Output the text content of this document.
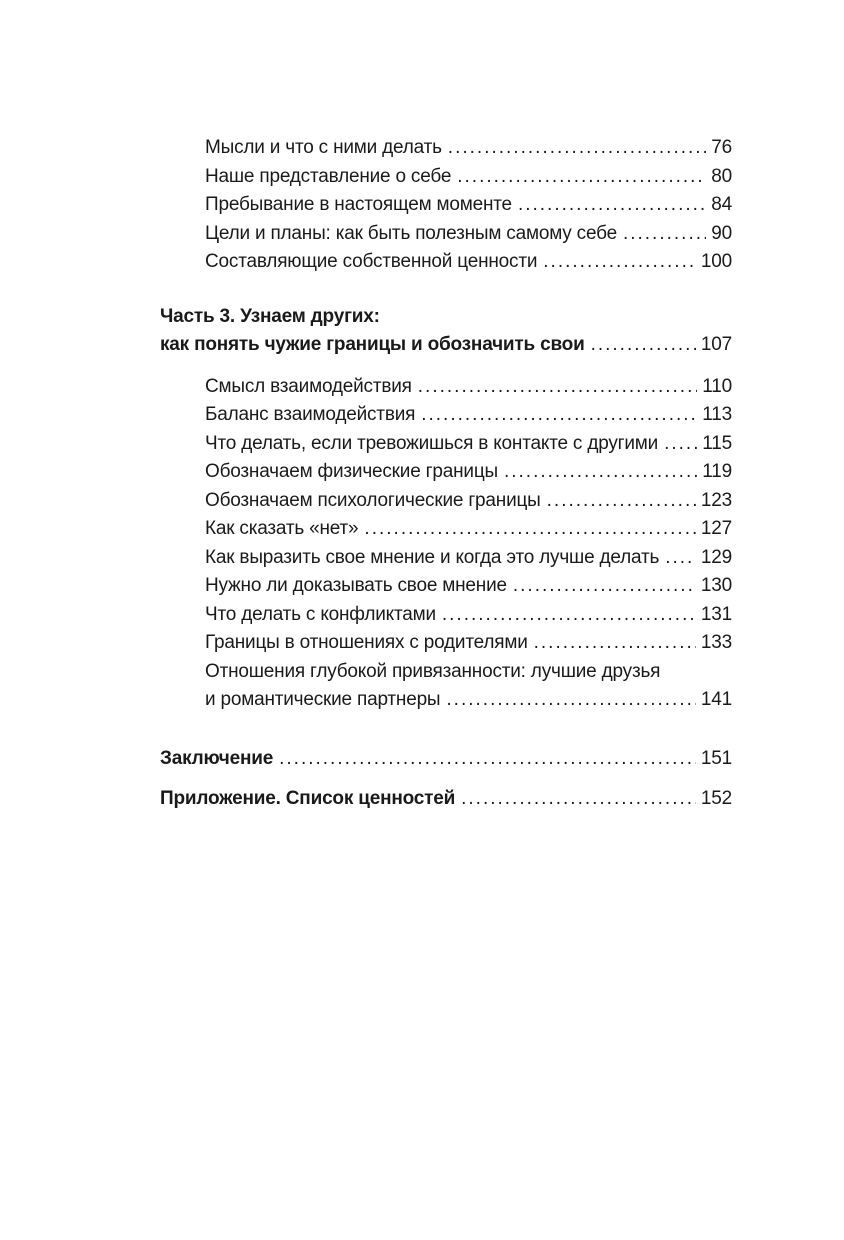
Мысли и что с ними делать .....	76
Наше представление о себе .....	80
Пребывание в настоящем моменте .....	84
Цели и планы: как быть полезным самому себе .....	90
Составляющие собственной ценности .....	100
Часть 3. Узнаем других:
как понять чужие границы и обозначить свои .....	107
Смысл взаимодействия .....	110
Баланс взаимодействия .....	113
Что делать, если тревожишься в контакте с другими ..... 115
Обозначаем физические границы .....	119
Обозначаем психологические границы .....	123
Как сказать «нет» .....	127
Как выразить свое мнение и когда это лучше делать ..... 129
Нужно ли доказывать свое мнение .....	130
Что делать с конфликтами .....	131
Границы в отношениях с родителями .....	133
Отношения глубокой привязанности: лучшие друзья
и романтические партнеры .....	141
Заключение .....	151
Приложение. Список ценностей .....	152
